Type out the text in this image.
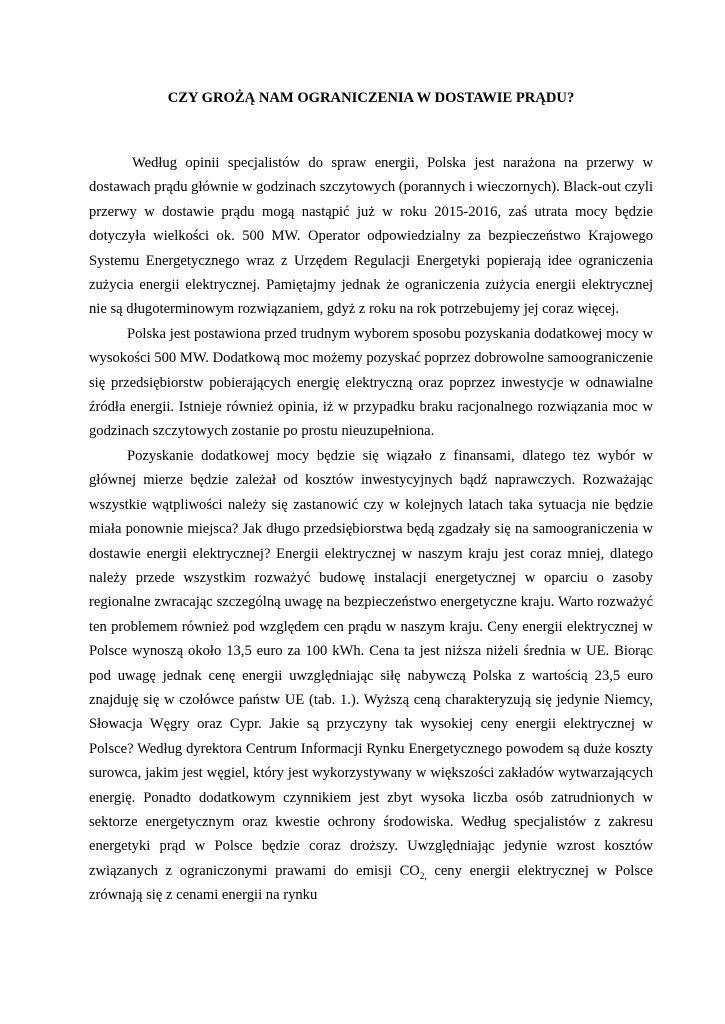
CZY GROŻĄ NAM OGRANICZENIA W DOSTAWIE PRĄDU?

Według opinii specjalistów do spraw energii, Polska jest narażona na przerwy w dostawach prądu głównie w godzinach szczytowych (porannych i wieczornych). Black-out czyli przerwy w dostawie prądu mogą nastąpić już w roku 2015-2016, zaś utrata mocy będzie dotyczyła wielkości ok. 500 MW. Operator odpowiedzialny za bezpieczeństwo Krajowego Systemu Energetycznego wraz z Urzędem Regulacji Energetyki popierają idee ograniczenia zużycia energii elektrycznej. Pamiętajmy jednak że ograniczenia zużycia energii elektrycznej nie są długoterminowym rozwiązaniem, gdyż z roku na rok potrzebujemy jej coraz więcej.

Polska jest postawiona przed trudnym wyborem sposobu pozyskania dodatkowej mocy w wysokości 500 MW. Dodatkową moc możemy pozyskać poprzez dobrowolne samoograniczenie się przedsiębiorstw pobierających energię elektryczną oraz poprzez inwestycje w odnawialne źródła energii. Istnieje również opinia, iż w przypadku braku racjonalnego rozwiązania moc w godzinach szczytowych zostanie po prostu nieuzupełniona.

Pozyskanie dodatkowej mocy będzie się wiązało z finansami, dlatego tez wybór w głównej mierze będzie zależał od kosztów inwestycyjnych bądź naprawczych. Rozważając wszystkie wątpliwości należy się zastanowić czy w kolejnych latach taka sytuacja nie będzie miała ponownie miejsca? Jak długo przedsiębiorstwa będą zgadzały się na samoograniczenia w dostawie energii elektrycznej? Energii elektrycznej w naszym kraju jest coraz mniej, dlatego należy przede wszystkim rozważyć budowę instalacji energetycznej w oparciu o zasoby regionalne zwracając szczególną uwagę na bezpieczeństwo energetyczne kraju. Warto rozważyć ten problemem również pod względem cen prądu w naszym kraju. Ceny energii elektrycznej w Polsce wynoszą około 13,5 euro za 100 kWh. Cena ta jest niższa niżeli średnia w UE. Biorąc pod uwagę jednak cenę energii uwzględniając siłę nabywczą Polska z wartością 23,5 euro znajduję się w czołówce państw UE (tab. 1.). Wyższą ceną charakteryzują się jedynie Niemcy, Słowacja Węgry oraz Cypr. Jakie są przyczyny tak wysokiej ceny energii elektrycznej w Polsce? Według dyrektora Centrum Informacji Rynku Energetycznego powodem są duże koszty surowca, jakim jest węgiel, który jest wykorzystywany w większości zakładów wytwarzających energię. Ponadto dodatkowym czynnikiem jest zbyt wysoka liczba osób zatrudnionych w sektorze energetycznym oraz kwestie ochrony środowiska. Według specjalistów z zakresu energetyki prąd w Polsce będzie coraz droższy. Uwzględniając jedynie wzrost kosztów związanych z ograniczonymi prawami do emisji $CO_{2,}$ ceny energii elektrycznej w Polsce zrównają się z cenami energii na rynku
